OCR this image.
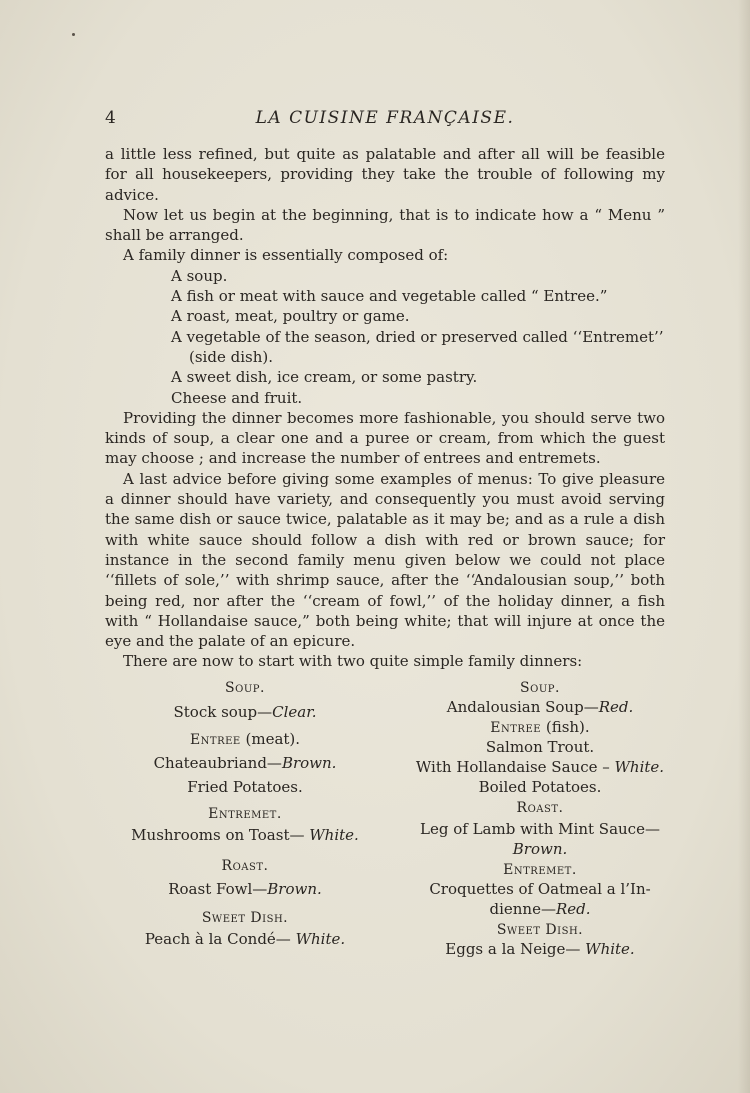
4	LA CUISINE FRANÇAISE.

a little less refined, but quite as palatable and after all will be feasible for all housekeepers, providing they take the trouble of following my advice.

Now let us begin at the beginning, that is to indicate how a “ Menu ” shall be arranged.

A family dinner is essentially composed of:

A soup.

A fish or meat with sauce and vegetable called “ Entree.”

A roast, meat, poultry or game.

A vegetable of the season, dried or preserved called ‘‘Entremet’’ (side dish).

A sweet dish, ice cream, or some pastry.

Cheese and fruit.

Providing the dinner becomes more fashionable, you should serve two kinds of soup, a clear one and a puree or cream, from which the guest may choose ; and increase the number of entrees and entremets.

A last advice before giving some examples of menus: To give pleasure a dinner should have variety, and consequently you must avoid serving the same dish or sauce twice, palatable as it may be; and as a rule a dish with white sauce should follow a dish with red or brown sauce; for instance in the second family menu given below we could not place ‘‘fillets of sole,’’ with shrimp sauce, after the ‘‘Andalousian soup,’’ both being red, nor after the ‘‘cream of fowl,’’ of the holiday dinner, a fish with “ Hollandaise sauce,” both being white; that will injure at once the eye and the palate of an epicure.

There are now to start with two quite simple family dinners:

Soup.
Stock soup—Clear.
Entree (meat).
Chateaubriand—Brown.
Fried Potatoes.
Entremet.
Mushrooms on Toast— White.
Roast.
Roast Fowl—Brown.
Sweet Dish.
Peach à la Condé— White.
Soup.
Andalousian Soup—Red.
Entree (fish).
Salmon Trout.
With Hollandaise Sauce – White.
Boiled Potatoes.
Roast.
Leg of Lamb with Mint Sauce—
Brown.
Entremet.
Croquettes of Oatmeal a l’In-
dienne—Red.
Sweet Dish.
Eggs a la Neige— White.
